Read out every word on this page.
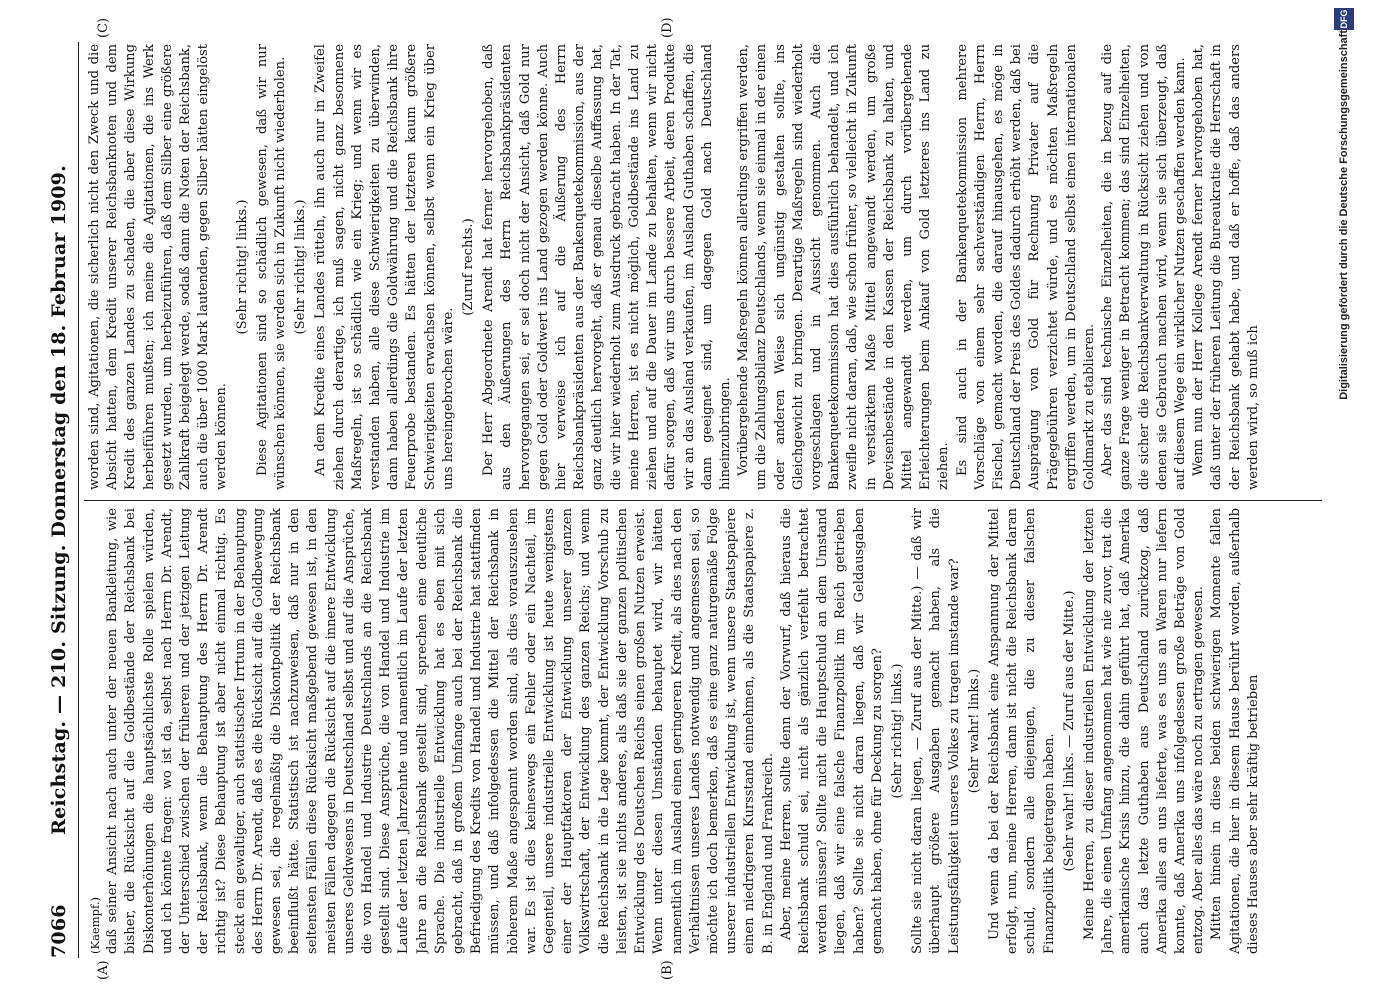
7066
Reichstag. — 210. Sitzung. Donnerstag den 18. Februar 1909.
(A)	(B)
(C)	(D)

(Kaempf.) daß seiner Ansicht nach auch unter der neuen Bankleitung, wie bisher, die Rücksicht auf die Goldbestände der Reichsbank bei Diskonterhöhungen die hauptsächlichste Rolle spielen würden, und ich könnte fragen: wo ist da, selbst nach Herrn Dr. Arendt, der Unterschied zwischen der früheren und der jetzigen Leitung der Reichsbank, wenn die Behauptung des Herrn Dr. Arendt richtig ist? Diese Behauptung ist aber nicht einmal richtig. Es steckt ein gewaltiger, auch statistischer Irrtum in der Behauptung des Herrn Dr. Arendt, daß es die Rücksicht auf die Goldbewegung gewesen sei, die regelmäßig die Diskontpolitik der Reichsbank beeinflußt hätte. Statistisch ist nachzuweisen, daß nur in den seltensten Fällen diese Rücksicht maßgebend gewesen ist, in den meisten Fällen dagegen die Rücksicht auf die innere Entwicklung unseres Geldwesens in Deutschland selbst und auf die Ansprüche, die von Handel und Industrie Deutschlands an die Reichsbank gestellt sind. Diese Ansprüche, die von Handel und Industrie im Laufe der letzten Jahrzehnte und namentlich im Laufe der letzten Jahre an die Reichsbank gestellt sind, sprechen eine deutliche Sprache. Die industrielle Entwicklung hat es eben mit sich gebracht, daß in großem Umfange auch bei der Reichsbank die Befriedigung des Kredits von Handel und Industrie hat stattfinden müssen, und daß infolgedessen die Mittel der Reichsbank in höherem Maße angespannt worden sind, als dies vorauszusehen war. Es ist dies keineswegs ein Fehler oder ein Nachteil, im Gegenteil, unsere industrielle Entwicklung ist heute wenigstens einer der Hauptfaktoren der Entwicklung unserer ganzen Volkswirtschaft, der Entwicklung des ganzen Reichs; und wenn die Reichsbank in die Lage kommt, der Entwicklung Vorschub zu leisten, ist sie nichts anderes, als daß sie der ganzen politischen Entwicklung des Deutschen Reichs einen großen Nutzen erweist. Wenn unter diesen Umständen behauptet wird, wir hätten namentlich im Ausland einen geringeren Kredit, als dies nach den Verhältnissen unseres Landes notwendig und angemessen sei, so möchte ich doch bemerken, daß es eine ganz naturgemäße Folge unserer industriellen Entwicklung ist, wenn unsere Staatspapiere einen niedrigeren Kursstand einnehmen, als die Staatspapiere z. B. in England und Frankreich. Aber, meine Herren, sollte denn der Vorwurf, daß hieraus die Reichsbank schuld sei, nicht als gänzlich verfehlt betrachtet werden müssen? Sollte nicht die Hauptschuld an dem Umstand liegen, daß wir eine falsche Finanzpolitik im Reich getrieben haben? Sollte sie nicht daran liegen, daß wir Geldausgaben gemacht haben, ohne für Deckung zu sorgen? (Sehr richtig! links.) Sollte sie nicht daran liegen, — Zuruf aus der Mitte.) — daß wir überhaupt größere Ausgaben gemacht haben, als die Leistungsfähigkeit unseres Volkes zu tragen imstande war? (Sehr wahr! links.) Und wenn da bei der Reichsbank eine Anspannung der Mittel erfolgt, nun, meine Herren, dann ist nicht die Reichsbank daran schuld, sondern alle diejenigen, die zu dieser falschen Finanzpolitik beigetragen haben. (Sehr wahr! links. — Zuruf aus der Mitte.) Meine Herren, zu dieser industriellen Entwicklung der letzten Jahre, die einen Umfang angenommen hat wie nie zuvor, trat die amerikanische Krisis hinzu, die dahin geführt hat, daß Amerika auch das letzte Guthaben aus Deutschland zurückzog, daß Amerika alles an uns lieferte, was es uns an Waren nur liefern konnte, daß Amerika uns infolgedessen große Beträge von Gold entzog. Aber alles das wäre noch zu ertragen gewesen. Mitten hinein in diese beiden schwierigen Momente fallen Agitationen, die hier in diesem Hause berührt worden, außerhalb dieses Hauses aber sehr kräftig betrieben

worden sind, Agitationen, die sicherlich nicht den Zweck und die Absicht hatten, dem Kredit unserer Reichsbanknoten und dem Kredit des ganzen Landes zu schaden, die aber diese Wirkung herbeiführen mußten; ich meine die Agitationen, die ins Werk gesetzt wurden, um herbeizuführen, daß dem Silber eine größere Zahlkraft beigelegt werde, sodaß dann die Noten der Reichsbank, auch die über 1000 Mark lautenden, gegen Silber hätten eingelöst werden können.

(Sehr richtig! links.) Diese Agitationen sind so schädlich gewesen, daß wir nur wünschen können, sie werden sich in Zukunft nicht wiederholen. (Sehr richtig! links.) An dem Kredite eines Landes rütteln, ihn auch nur in Zweifel ziehen durch derartige, ich muß sagen, nicht ganz besonnene Maßregeln, ist so schädlich wie ein Krieg; und wenn wir es verstanden haben, alle diese Schwierigkeiten zu überwinden, dann haben allerdings die Goldwährung und die Reichsbank ihre Feuerprobe bestanden. Es hätten der letzteren kaum größere Schwierigkeiten erwachsen können, selbst wenn ein Krieg über uns hereingebrochen wäre.

(Zuruf rechts.) Der Herr Abgeordnete Arendt hat ferner hervorgehoben, daß aus den Äußerungen des Herrn Reichsbankpräsidenten hervorgegangen sei, er sei doch nicht der Ansicht, daß Gold nur gegen Gold oder Goldwert ins Land gezogen werden könne. Auch hier verweise ich auf die Äußerung des Herrn Reichsbankpräsidenten aus der Bankenquetekommission, aus der ganz deutlich hervorgeht, daß er genau dieselbe Auffassung hat, die wir hier wiederholt zum Ausdruck gebracht haben. In der Tat, meine Herren, ist es nicht möglich, Goldbestände ins Land zu ziehen und auf die Dauer im Lande zu behalten, wenn wir nicht dafür sorgen, daß wir uns durch bessere Arbeit, deren Produkte wir an das Ausland verkaufen, im Ausland Guthaben schaffen, die dann geeignet sind, um dagegen Gold nach Deutschland hineinzubringen. Vorübergehende Maßregeln können allerdings ergriffen werden, um die Zahlungsbilanz Deutschlands, wenn sie einmal in der einen oder anderen Weise sich ungünstig gestalten sollte, ins Gleichgewicht zu bringen. Derartige Maßregeln sind wiederholt vorgeschlagen und in Aussicht genommen. Auch die Bankenquetekommission hat dies ausführlich behandelt, und ich zweifle nicht daran, daß, wie schon früher, so vielleicht in Zukunft in verstärktem Maße Mittel angewandt werden, um große Devisenbestände in den Kassen der Reichsbank zu halten, und Mittel angewandt werden, um durch vorübergehende Erleichterungen beim Ankauf von Gold letzteres ins Land zu ziehen. Es sind auch in der Bankenquetekommission mehrere Vorschläge von einem sehr sachverständigen Herrn, Herrn Fischel, gemacht worden, die darauf hinausgehen, es möge in Deutschland der Preis des Goldes dadurch erhöht werden, daß bei Ausprägung von Gold für Rechnung Privater auf die Prägegebühren verzichtet würde, und es möchten Maßregeln ergriffen werden, um in Deutschland selbst einen internationalen Goldmarkt zu etablieren. Aber das sind technische Einzelheiten, die in bezug auf die ganze Frage weniger in Betracht kommen; das sind Einzelheiten, die sicher die Reichsbankverwaltung in Rücksicht ziehen und von denen sie Gebrauch machen wird, wenn sie sich überzeugt, daß auf diesem Wege ein wirklicher Nutzen geschaffen werden kann. Wenn nun der Herr Kollege Arendt ferner hervorgehoben hat, daß unter der früheren Leitung die Bureaukratie die Herrschaft in der Reichsbank gehabt habe, und daß er hoffe, daß das anders werden wird, so muß ich

Digitalisierung gefördert durch die Deutsche Forschungsgemeinschaft
DFG
